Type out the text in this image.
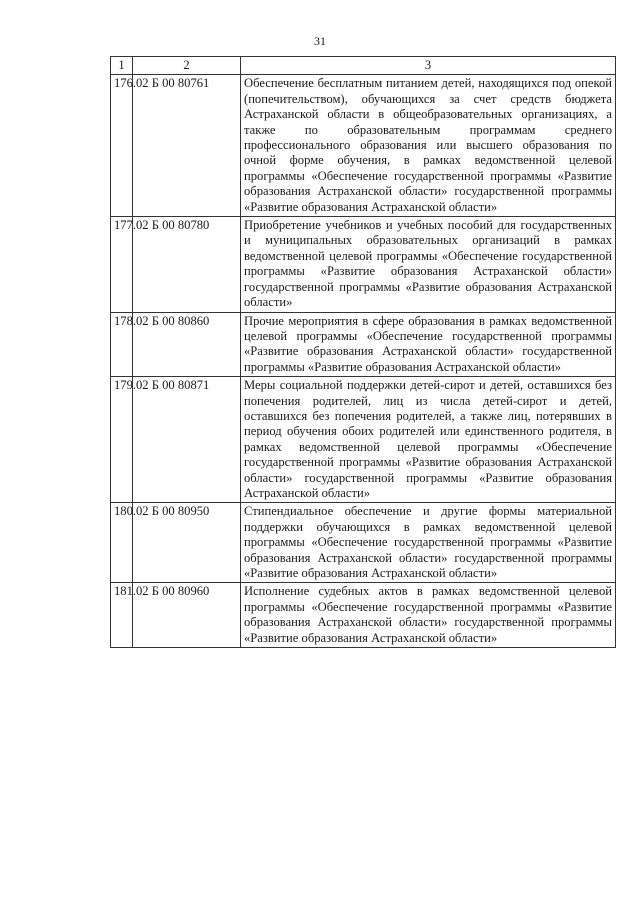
31
1	2	3
176.	02 Б 00 80761	Обеспечение бесплатным питанием детей, находящихся под опекой (попечительством), обучающихся за счет средств бюджета Астраханской области в общеобразовательных организациях, а также по образовательным программам среднего профессионального образования или высшего образования по очной форме обучения, в рамках ведомственной целевой программы «Обеспечение государственной программы «Развитие образования Астраханской области» государственной программы «Развитие образования Астраханской области»
177.	02 Б 00 80780	Приобретение учебников и учебных пособий для государственных и муниципальных образовательных организаций в рамках ведомственной целевой программы «Обеспечение государственной программы «Развитие образования Астраханской области» государственной программы «Развитие образования Астраханской области»
178.	02 Б 00 80860	Прочие мероприятия в сфере образования в рамках ведомственной целевой программы «Обеспечение государственной программы «Развитие образования Астраханской области» государственной программы «Развитие образования Астраханской области»
179.	02 Б 00 80871	Меры социальной поддержки детей-сирот и детей, оставшихся без попечения родителей, лиц из числа детей-сирот и детей, оставшихся без попечения родителей, а также лиц, потерявших в период обучения обоих родителей или единственного родителя, в рамках ведомственной целевой программы «Обеспечение государственной программы «Развитие образования Астраханской области» государственной программы «Развитие образования Астраханской области»
180.	02 Б 00 80950	Стипендиальное обеспечение и другие формы материальной поддержки обучающихся в рамках ведомственной целевой программы «Обеспечение государственной программы «Развитие образования Астраханской области» государственной программы «Развитие образования Астраханской области»
181.	02 Б 00 80960	Исполнение судебных актов в рамках ведомственной целевой программы «Обеспечение государственной программы «Развитие образования Астраханской области» государственной программы «Развитие образования Астраханской области»
